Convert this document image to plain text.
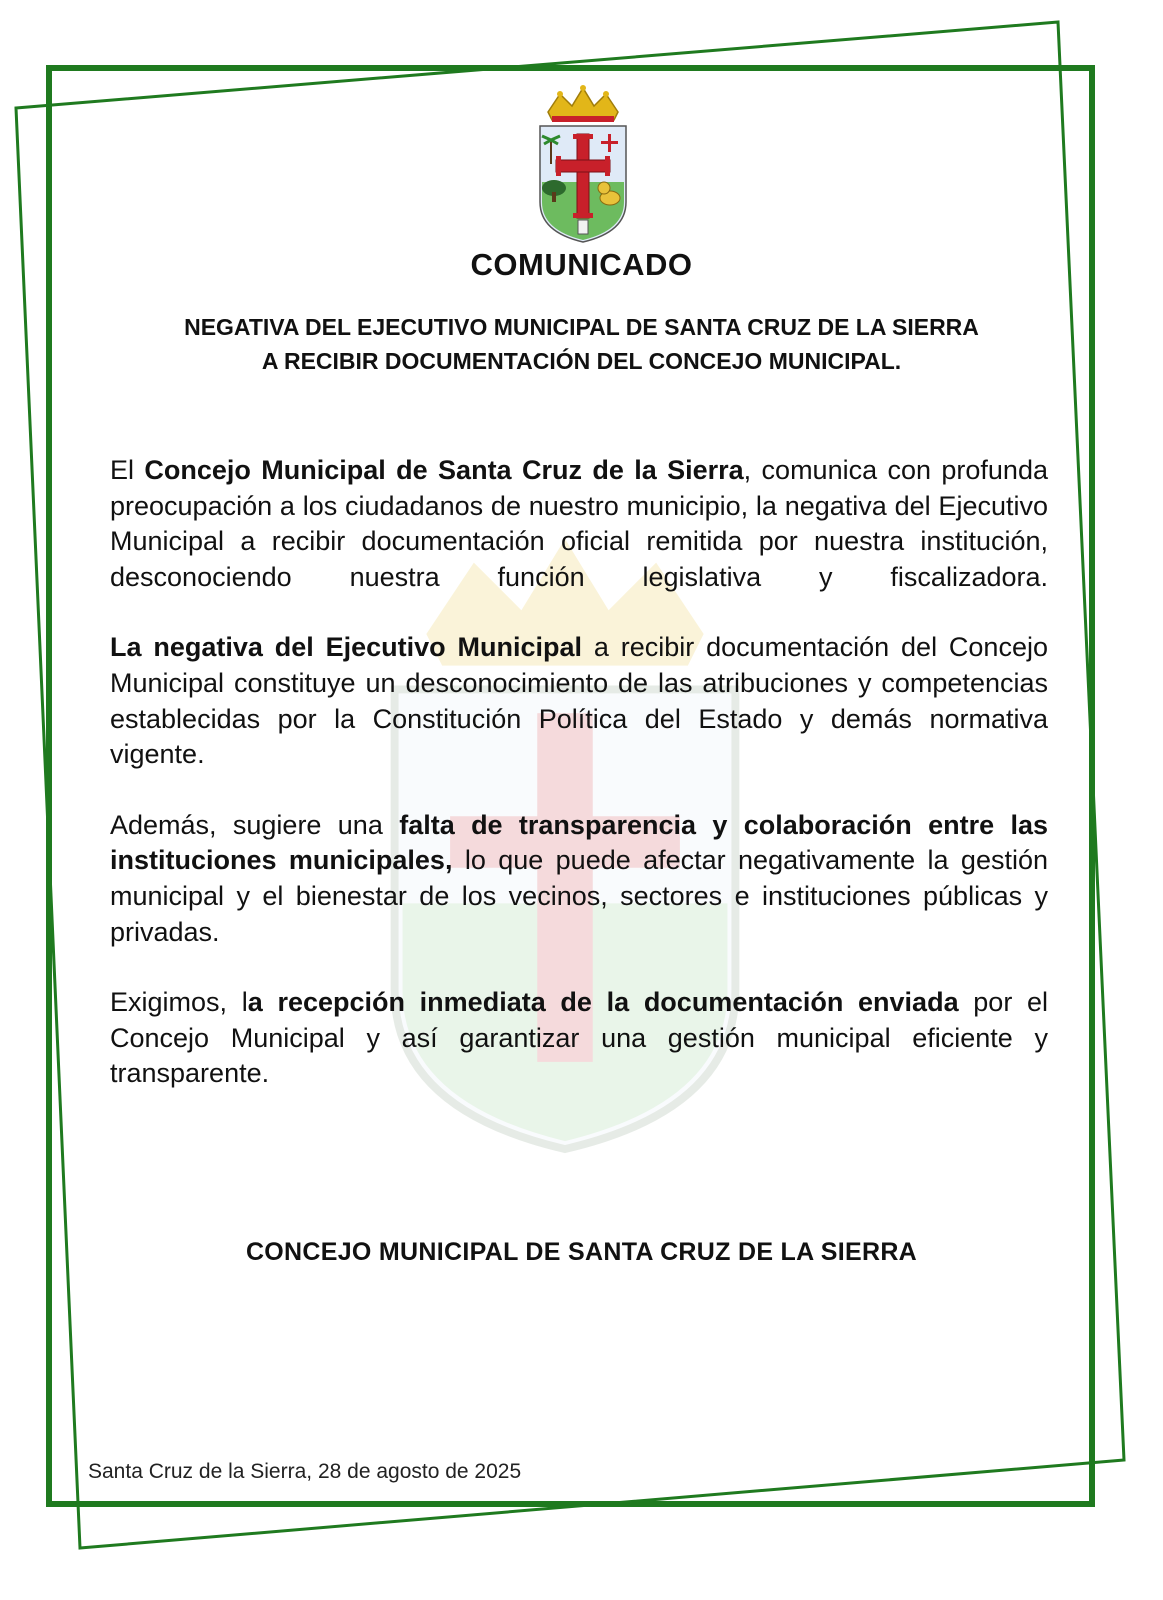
COMUNICADO
NEGATIVA DEL EJECUTIVO MUNICIPAL DE SANTA CRUZ DE LA SIERRA
A RECIBIR DOCUMENTACIÓN DEL CONCEJO MUNICIPAL.

El Concejo Municipal de Santa Cruz de la Sierra, comunica con profunda preocupación a los ciudadanos de nuestro municipio, la negativa del Ejecutivo Municipal a recibir documentación oficial remitida por nuestra institución, desconociendo nuestra función legislativa y fiscalizadora.

La negativa del Ejecutivo Municipal a recibir documentación del Concejo Municipal constituye un desconocimiento de las atribuciones y competencias establecidas por la Constitución Política del Estado y demás normativa vigente.

Además, sugiere una falta de transparencia y colaboración entre las instituciones municipales, lo que puede afectar negativamente la gestión municipal y el bienestar de los vecinos, sectores e instituciones públicas y privadas.

Exigimos, la recepción inmediata de la documentación enviada por el Concejo Municipal y así garantizar una gestión municipal eficiente y transparente.

CONCEJO MUNICIPAL DE SANTA CRUZ DE LA SIERRA
Santa Cruz de la Sierra, 28 de agosto de 2025
